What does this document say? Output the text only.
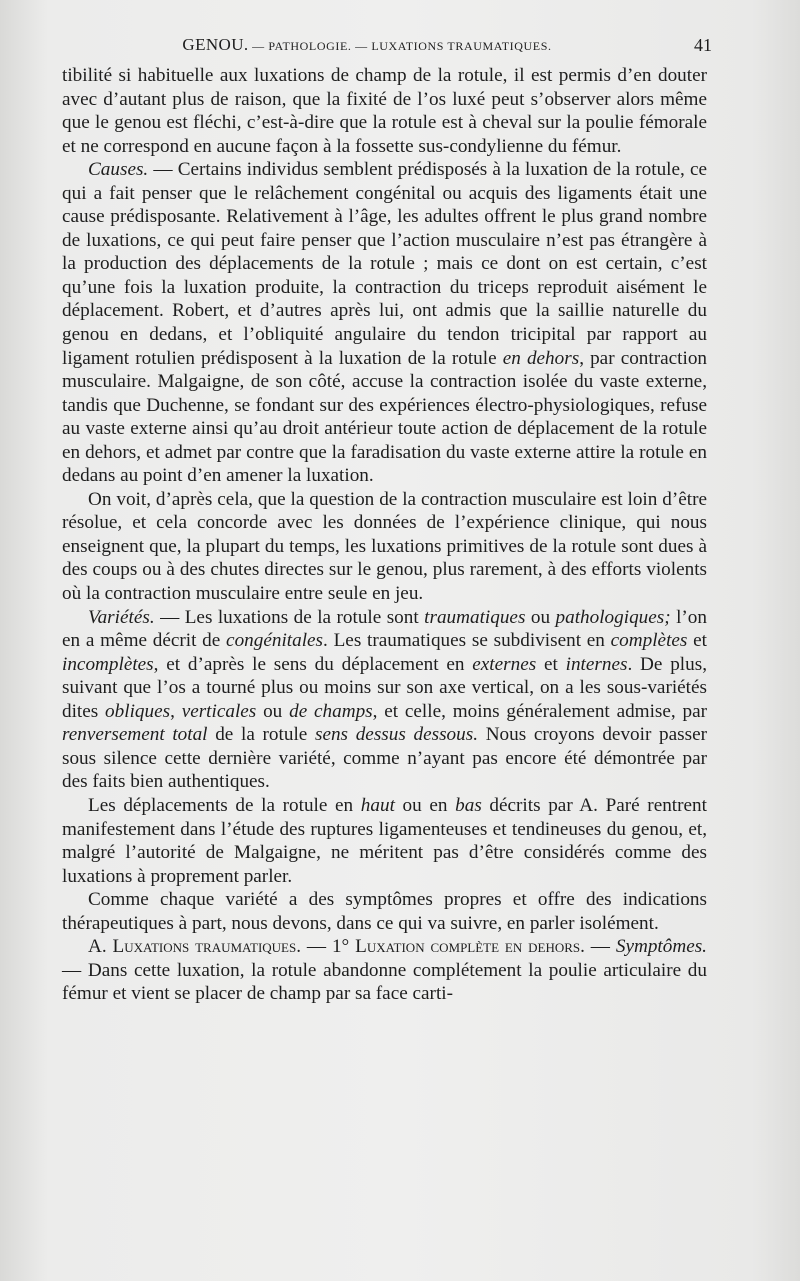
GENOU. — PATHOLOGIE. — LUXATIONS TRAUMATIQUES.	41

tibilité si habituelle aux luxations de champ de la rotule, il est permis d’en douter avec d’autant plus de raison, que la fixité de l’os luxé peut s’observer alors même que le genou est fléchi, c’est-à-dire que la rotule est à cheval sur la poulie fémorale et ne correspond en aucune façon à la fossette sus-condylienne du fémur.

Causes. — Certains individus semblent prédisposés à la luxation de la rotule, ce qui a fait penser que le relâchement congénital ou acquis des ligaments était une cause prédisposante. Relativement à l’âge, les adultes offrent le plus grand nombre de luxations, ce qui peut faire penser que l’action musculaire n’est pas étrangère à la production des déplacements de la rotule ; mais ce dont on est certain, c’est qu’une fois la luxation produite, la contraction du triceps reproduit aisément le déplacement. Robert, et d’autres après lui, ont admis que la saillie naturelle du genou en dedans, et l’obliquité angulaire du tendon tricipital par rapport au ligament rotulien prédisposent à la luxation de la rotule en dehors, par contraction musculaire. Malgaigne, de son côté, accuse la contraction isolée du vaste externe, tandis que Duchenne, se fondant sur des expériences électro-physiologiques, refuse au vaste externe ainsi qu’au droit antérieur toute action de déplacement de la rotule en dehors, et admet par contre que la faradisation du vaste externe attire la rotule en dedans au point d’en amener la luxation.

On voit, d’après cela, que la question de la contraction musculaire est loin d’être résolue, et cela concorde avec les données de l’expérience clinique, qui nous enseignent que, la plupart du temps, les luxations primitives de la rotule sont dues à des coups ou à des chutes directes sur le genou, plus rarement, à des efforts violents où la contraction musculaire entre seule en jeu.

Variétés. — Les luxations de la rotule sont traumatiques ou pathologiques; l’on en a même décrit de congénitales. Les traumatiques se subdivisent en complètes et incomplètes, et d’après le sens du déplacement en externes et internes. De plus, suivant que l’os a tourné plus ou moins sur son axe vertical, on a les sous-variétés dites obliques, verticales ou de champs, et celle, moins généralement admise, par renversement total de la rotule sens dessus dessous. Nous croyons devoir passer sous silence cette dernière variété, comme n’ayant pas encore été démontrée par des faits bien authentiques.

Les déplacements de la rotule en haut ou en bas décrits par A. Paré rentrent manifestement dans l’étude des ruptures ligamenteuses et tendineuses du genou, et, malgré l’autorité de Malgaigne, ne méritent pas d’être considérés comme des luxations à proprement parler.

Comme chaque variété a des symptômes propres et offre des indications thérapeutiques à part, nous devons, dans ce qui va suivre, en parler isolément.

A. Luxations traumatiques. — 1° Luxation complète en dehors. — Symptômes. — Dans cette luxation, la rotule abandonne complétement la poulie articulaire du fémur et vient se placer de champ par sa face carti-
